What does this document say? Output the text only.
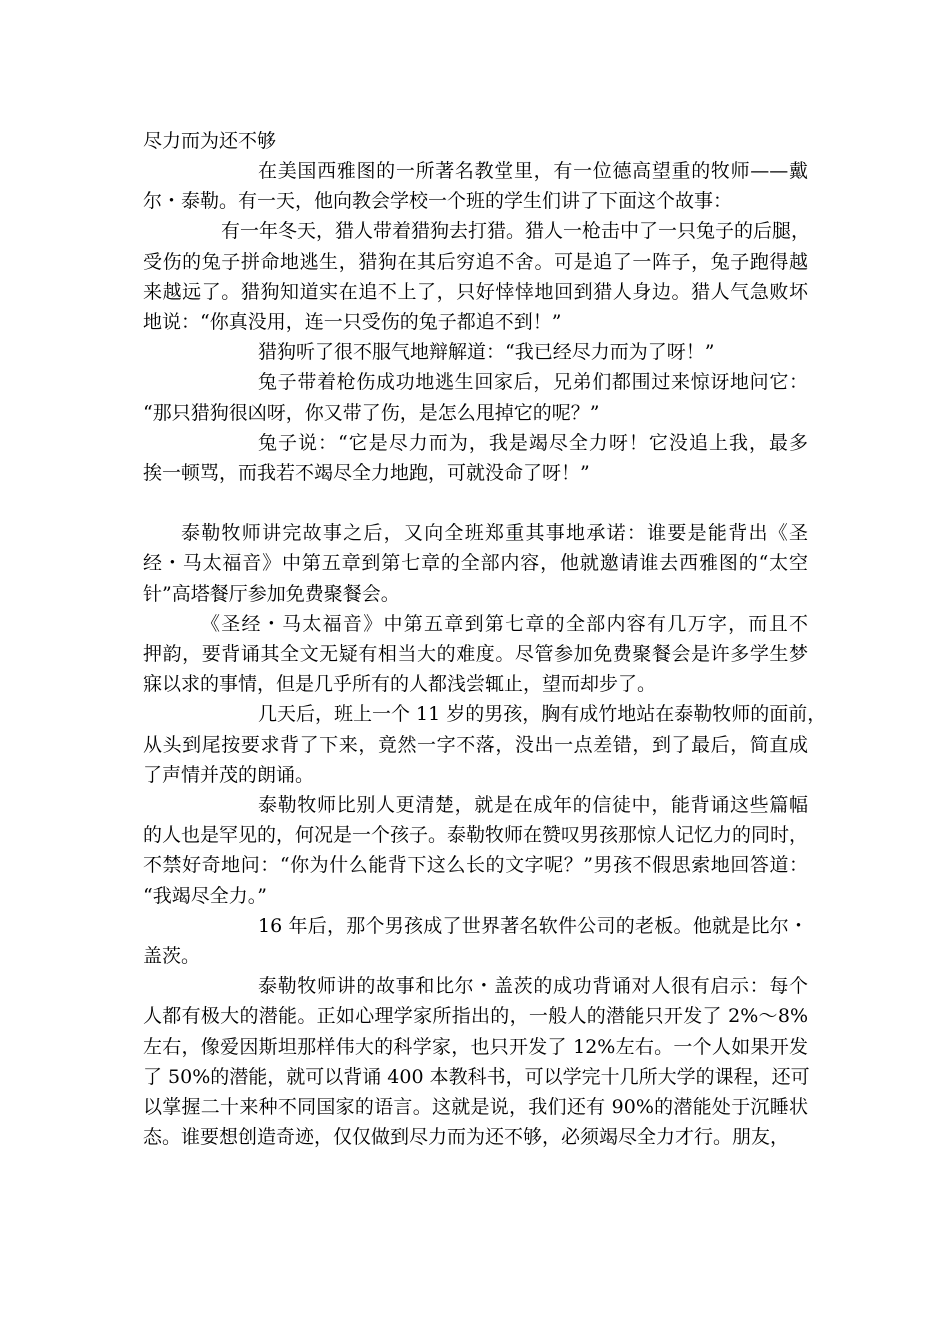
尽力而为还不够
在美国西雅图的一所著名教堂里，有一位德高望重的牧师——戴
尔・泰勒。有一天，他向教会学校一个班的学生们讲了下面这个故事：
有一年冬天，猎人带着猎狗去打猎。猎人一枪击中了一只兔子的后腿，
受伤的兔子拼命地逃生，猎狗在其后穷追不舍。可是追了一阵子，兔子跑得越
来越远了。猎狗知道实在追不上了，只好悻悻地回到猎人身边。猎人气急败坏
地说：“你真没用，连一只受伤的兔子都追不到！”
猎狗听了很不服气地辩解道：“我已经尽力而为了呀！”
兔子带着枪伤成功地逃生回家后，兄弟们都围过来惊讶地问它：
“那只猎狗很凶呀，你又带了伤，是怎么甩掉它的呢？”
兔子说：“它是尽力而为，我是竭尽全力呀！它没追上我，最多
挨一顿骂，而我若不竭尽全力地跑，可就没命了呀！”
泰勒牧师讲完故事之后，又向全班郑重其事地承诺：谁要是能背出《圣
经・马太福音》中第五章到第七章的全部内容，他就邀请谁去西雅图的“太空
针”高塔餐厅参加免费聚餐会。
《圣经・马太福音》中第五章到第七章的全部内容有几万字，而且不
押韵，要背诵其全文无疑有相当大的难度。尽管参加免费聚餐会是许多学生梦
寐以求的事情，但是几乎所有的人都浅尝辄止，望而却步了。
几天后，班上一个 11 岁的男孩，胸有成竹地站在泰勒牧师的面前，
从头到尾按要求背了下来，竟然一字不落，没出一点差错，到了最后，简直成
了声情并茂的朗诵。
泰勒牧师比别人更清楚，就是在成年的信徒中，能背诵这些篇幅
的人也是罕见的，何况是一个孩子。泰勒牧师在赞叹男孩那惊人记忆力的同时，
不禁好奇地问：“你为什么能背下这么长的文字呢？”男孩不假思索地回答道：
“我竭尽全力。”
16 年后，那个男孩成了世界著名软件公司的老板。他就是比尔・
盖茨。
泰勒牧师讲的故事和比尔・盖茨的成功背诵对人很有启示：每个
人都有极大的潜能。正如心理学家所指出的，一般人的潜能只开发了 2%～8%
左右，像爱因斯坦那样伟大的科学家，也只开发了 12%左右。一个人如果开发
了 50%的潜能，就可以背诵 400 本教科书，可以学完十几所大学的课程，还可
以掌握二十来种不同国家的语言。这就是说，我们还有 90%的潜能处于沉睡状
态。谁要想创造奇迹，仅仅做到尽力而为还不够，必须竭尽全力才行。朋友，
